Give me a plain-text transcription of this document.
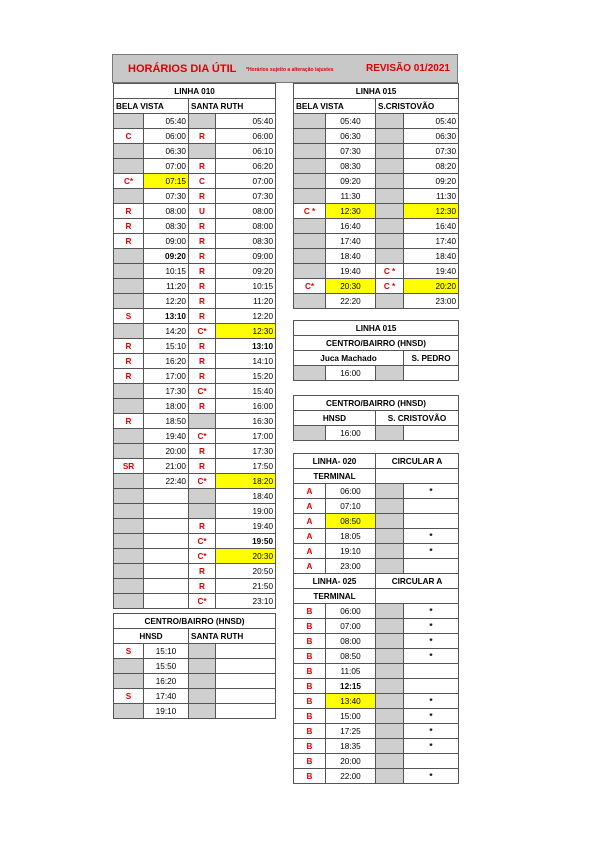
HORÁRIOS DIA ÚTIL *Horários sujeito a alteração /ajustes	REVISÃO 01/2021
LINHA 010			
BELA VISTA		SANTA RUTH	
	05:40		05:40
C	06:00	R	06:00
	06:30		06:10
	07:00	R	06:20
C*	07:15	C	07:00
	07:30	R	07:30
R	08:00	U	08:00
R	08:30	R	08:00
R	09:00	R	08:30
	09:20	R	09:00
	10:15	R	09:20
	11:20	R	10:15
	12:20	R	11:20
S	13:10	R	12:20
	14:20	C*	12:30
R	15:10	R	13:10
R	16:20	R	14:10
R	17:00	R	15:20
	17:30	C*	15:40
	18:00	R	16:00
R	18:50		16:30
	19:40	C*	17:00
	20:00	R	17:30
SR	21:00	R	17:50
	22:40	C*	18:20
			18:40
			19:00
		R	19:40
		C*	19:50
		C*	20:30
		R	20:50
		R	21:50
		C*	23:10
LINHA 015			
BELA VISTA		S.CRISTOVÃO	
	05:40		05:40
	06:30		06:30
	07:30		07:30
	08:30		08:20
	09:20		09:20
	11:30		11:30
C *	12:30		12:30
	16:40		16:40
	17:40		17:40
	18:40		18:40
	19:40	C *	19:40
C*	20:30	C *	20:20
	22:20		23:00
LINHA 015			
CENTRO/BAIRRO (HNSD)			
Juca Machado			S. PEDRO
	16:00		
CENTRO/BAIRRO (HNSD)			
HNSD		S. CRISTOVÃO	
	16:00		
CENTRO/BAIRRO (HNSD)			
HNSD		SANTA RUTH	
S	15:10		
	15:50		
	16:20		
S	17:40		
	19:10		
LINHA- 020		CIRCULAR A	
TERMINAL			
A	06:00		*
A	07:10		
A	08:50		
A	18:05		*
A	19:10		*
A	23:00		
LINHA- 025		CIRCULAR A	
TERMINAL			
B	06:00		*
B	07:00		*
B	08:00		*
B	08:50		*
B	11:05		
B	12:15		
B	13:40		*
B	15:00		*
B	17:25		*
B	18:35		*
B	20:00		
B	22:00		*
